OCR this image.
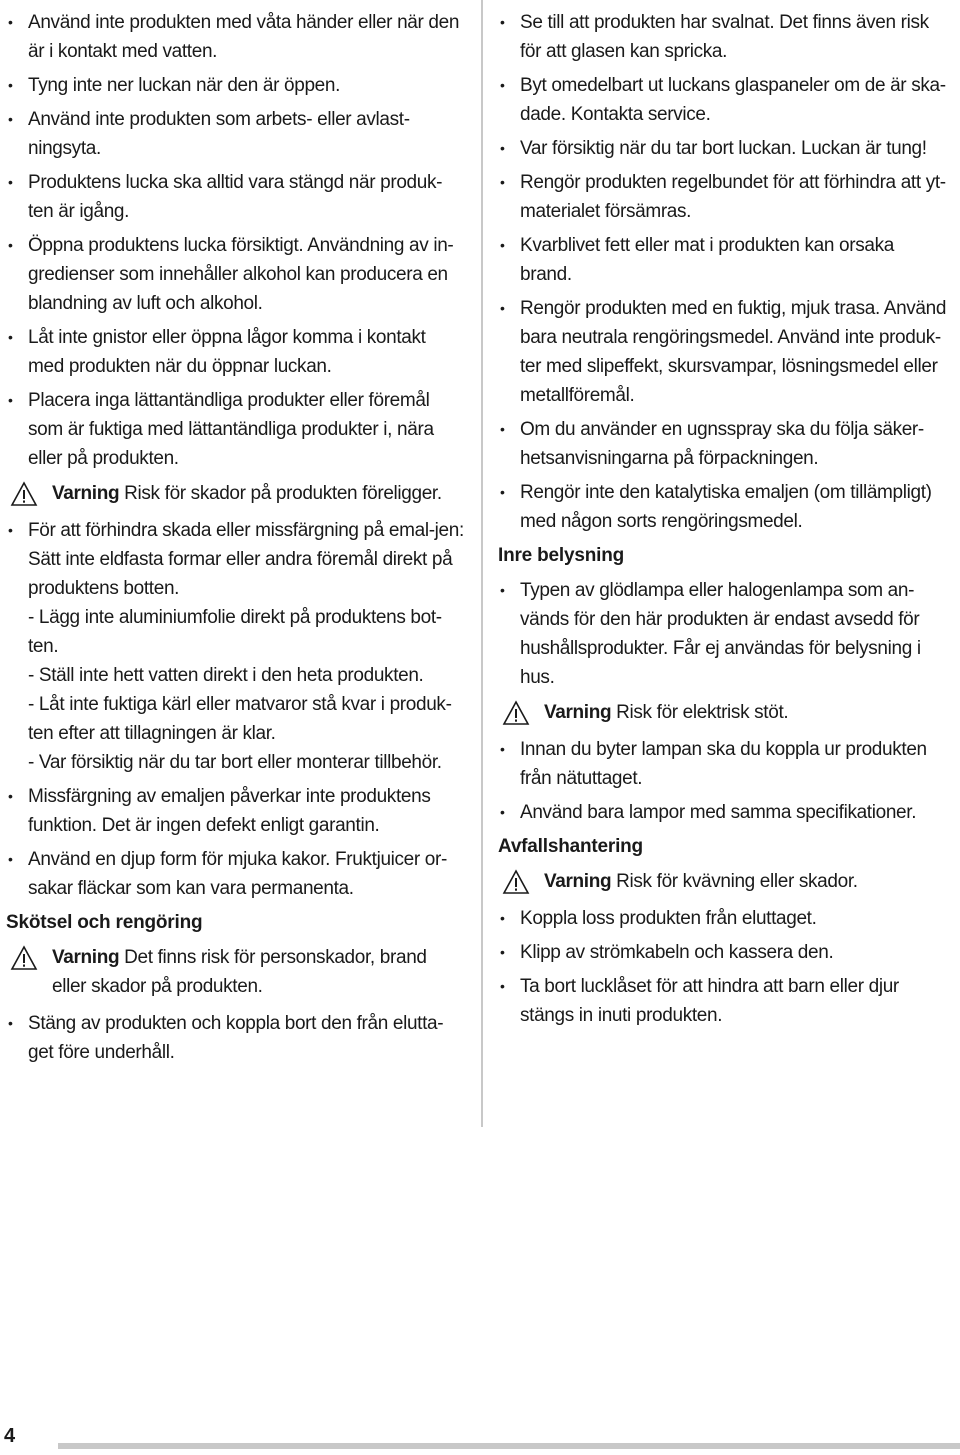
• Använd inte produkten med våta händer eller när den är i kontakt med vatten.
• Tyng inte ner luckan när den är öppen.
• Använd inte produkten som arbets- eller avlast-ningsyta.
• Produktens lucka ska alltid vara stängd när produk-ten är igång.
• Öppna produktens lucka försiktigt. Användning av in-gredienser som innehåller alkohol kan producera en blandning av luft och alkohol.
• Låt inte gnistor eller öppna lågor komma i kontakt med produkten när du öppnar luckan.
• Placera inga lättantändliga produkter eller föremål som är fuktiga med lättantändliga produkter i, nära eller på produkten.
Varning Risk för skador på produkten föreligger.
• För att förhindra skada eller missfärgning på emal-jen:
Sätt inte eldfasta formar eller andra föremål direkt på produktens botten.
- Lägg inte aluminiumfolie direkt på produktens bot-ten.
- Ställ inte hett vatten direkt i den heta produkten.
- Låt inte fuktiga kärl eller matvaror stå kvar i produk-ten efter att tillagningen är klar.
- Var försiktig när du tar bort eller monterar tillbehör.
• Missfärgning av emaljen påverkar inte produktens funktion. Det är ingen defekt enligt garantin.
• Använd en djup form för mjuka kakor. Fruktjuicer or-sakar fläckar som kan vara permanenta.
Skötsel och rengöring
Varning Det finns risk för personskador, brand eller skador på produkten.
• Stäng av produkten och koppla bort den från elutta-get före underhåll.
• Se till att produkten har svalnat. Det finns även risk för att glasen kan spricka.
• Byt omedelbart ut luckans glaspaneler om de är ska-dade. Kontakta service.
• Var försiktig när du tar bort luckan. Luckan är tung!
• Rengör produkten regelbundet för att förhindra att yt-materialet försämras.
• Kvarblivet fett eller mat i produkten kan orsaka brand.
• Rengör produkten med en fuktig, mjuk trasa. Använd bara neutrala rengöringsmedel. Använd inte produk-ter med slipeffekt, skursvampar, lösningsmedel eller metallföremål.
• Om du använder en ugnsspray ska du följa säker-hetsanvisningarna på förpackningen.
• Rengör inte den katalytiska emaljen (om tillämpligt) med någon sorts rengöringsmedel.
Inre belysning
• Typen av glödlampa eller halogenlampa som an-vänds för den här produkten är endast avsedd för hushållsprodukter. Får ej användas för belysning i hus.
Varning Risk för elektrisk stöt.
• Innan du byter lampan ska du koppla ur produkten från nätuttaget.
• Använd bara lampor med samma specifikationer.
Avfallshantering
Varning Risk för kvävning eller skador.
• Koppla loss produkten från eluttaget.
• Klipp av strömkabeln och kassera den.
• Ta bort lucklåset för att hindra att barn eller djur stängs in inuti produkten.
4
